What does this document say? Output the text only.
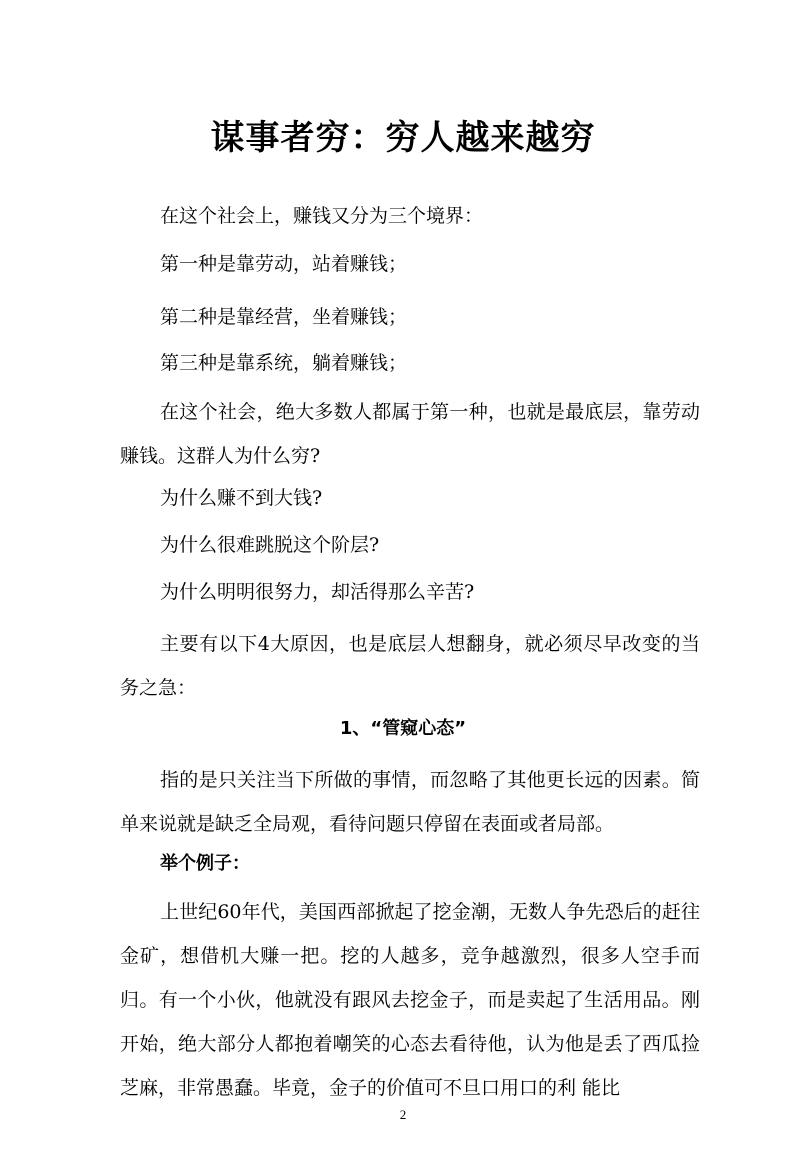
谋事者穷：穷人越来越穷
在这个社会上，赚钱又分为三个境界：
第一种是靠劳动，站着赚钱；
第二种是靠经营，坐着赚钱；
第三种是靠系统，躺着赚钱；
在这个社会，绝大多数人都属于第一种，也就是最底层，靠劳动赚钱。这群人为什么穷?
为什么赚不到大钱?
为什么很难跳脱这个阶层?
为什么明明很努力，却活得那么辛苦?
主要有以下4大原因，也是底层人想翻身，就必须尽早改变的当务之急：
1、“管窥心态”
指的是只关注当下所做的事情，而忽略了其他更长远的因素。简单来说就是缺乏全局观，看待问题只停留在表面或者局部。
举个例子：
上世纪60年代，美国西部掀起了挖金潮，无数人争先恐后的赶往金矿，想借机大赚一把。挖的人越多，竞争越激烈，很多人空手而归。有一个小伙，他就没有跟风去挖金子，而是卖起了生活用品。刚开始，绝大部分人都抱着嘲笑的心态去看待他，认为他是丢了西瓜捡芝麻，非常愚蠢。毕竟，金子的价值可不旦口用口的利 能比
2
